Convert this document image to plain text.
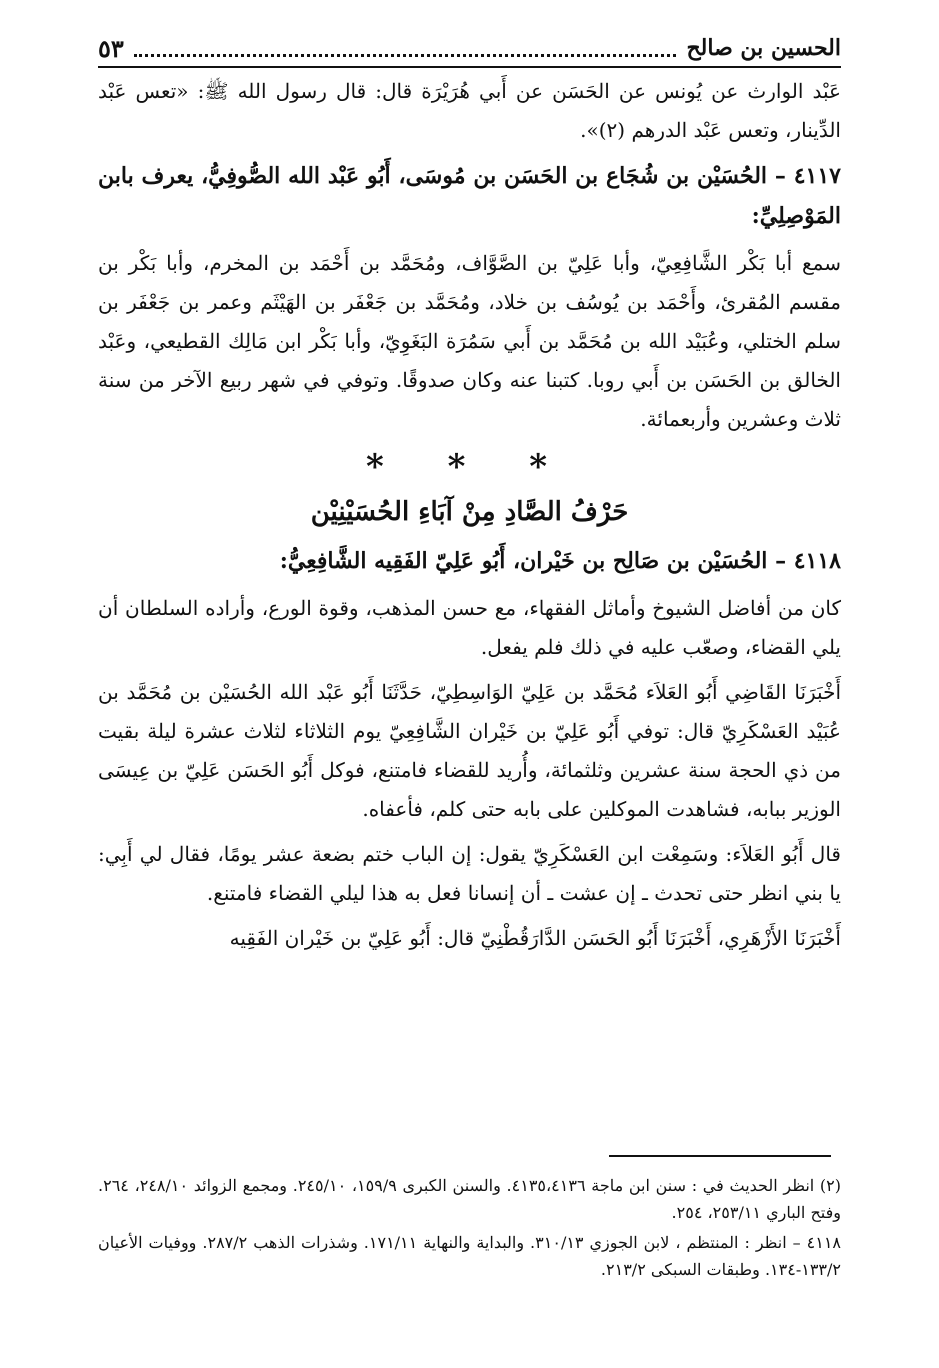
الحسين بن صالح
٥٣

عَبْد الوارث عن يُونس عن الحَسَن عن أَبي هُرَيْرَة قال: قال رسول الله ﷺ: «تعس عَبْد الدِّينار، وتعس عَبْد الدرهم (٢)».

٤١١٧ – الحُسَيْن بن شُجَاع بن الحَسَن بن مُوسَى، أَبُو عَبْد الله الصُّوفِيُّ، يعرف بابن المَوْصِلِيِّ:

سمع أبا بَكْر الشَّافِعِيّ، وأبا عَلِيّ بن الصَّوَّاف، ومُحَمَّد بن أَحْمَد بن المخرم، وأبا بَكْر بن مقسم المُقرئ، وأَحْمَد بن يُوسُف بن خلاد، ومُحَمَّد بن جَعْفَر بن الهَيْثَم وعمر بن جَعْفَر بن سلم الختلي، وعُبَيْد الله بن مُحَمَّد بن أَبي سَمُرَة البَغَوِيّ، وأبا بَكْر ابن مَالِك القطيعي، وعَبْد الخالق بن الحَسَن بن أَبي روبا. كتبنا عنه وكان صدوقًا. وتوفي في شهر ربيع الآخر من سنة ثلاث وعشرين وأربعمائة.

* * *
حَرْفُ الصَّادِ مِنْ آبَاءِ الحُسَيْنِيْن

٤١١٨ – الحُسَيْن بن صَالِح بن خَيْران، أَبُو عَلِيّ الفَقِيه الشَّافِعِيُّ:

كان من أفاضل الشيوخ وأماثل الفقهاء، مع حسن المذهب، وقوة الورع، وأراده السلطان أن يلي القضاء، وصعّب عليه في ذلك فلم يفعل.

أَخْبَرَنَا القَاضِي أَبُو العَلاَء مُحَمَّد بن عَلِيّ الوَاسِطِيّ، حَدَّثَنَا أَبُو عَبْد الله الحُسَيْن بن مُحَمَّد بن عُبَيْد العَسْكَرِيّ قال: توفي أَبُو عَلِيّ بن خَيْران الشَّافِعِيّ يوم الثلاثاء لثلاث عشرة ليلة بقيت من ذي الحجة سنة عشرين وثلثمائة، وأُريد للقضاء فامتنع، فوكل أَبُو الحَسَن عَلِيّ بن عِيسَى الوزير ببابه، فشاهدت الموكلين على بابه حتى كلم، فأعفاه.

قال أَبُو العَلاَء: وسَمِعْت ابن العَسْكَرِيّ يقول: إن الباب ختم بضعة عشر يومًا، فقال لي أَبِي: يا بني انظر حتى تحدث ـ إن عشت ـ أن إنسانا فعل به هذا ليلي القضاء فامتنع.

أَخْبَرَنَا الأَزْهَرِي، أَخْبَرَنَا أَبُو الحَسَن الدَّارَقُطْنِيّ قال: أَبُو عَلِيّ بن خَيْران الفَقِيه

(٢) انظر الحديث في : سنن ابن ماجة ٤١٣٥،٤١٣٦. والسنن الكبرى ١٥٩/٩، ٢٤٥/١٠. ومجمع الزوائد ٢٤٨/١٠، ٢٦٤. وفتح الباري ٢٥٣/١١، ٢٥٤.

٤١١٨ – انظر : المنتظم ، لابن الجوزي ٣١٠/١٣. والبداية والنهاية ١٧١/١١. وشذرات الذهب ٢٨٧/٢. ووفيات الأعيان ١٣٣/٢-١٣٤. وطبقات السبكى ٢١٣/٢.
